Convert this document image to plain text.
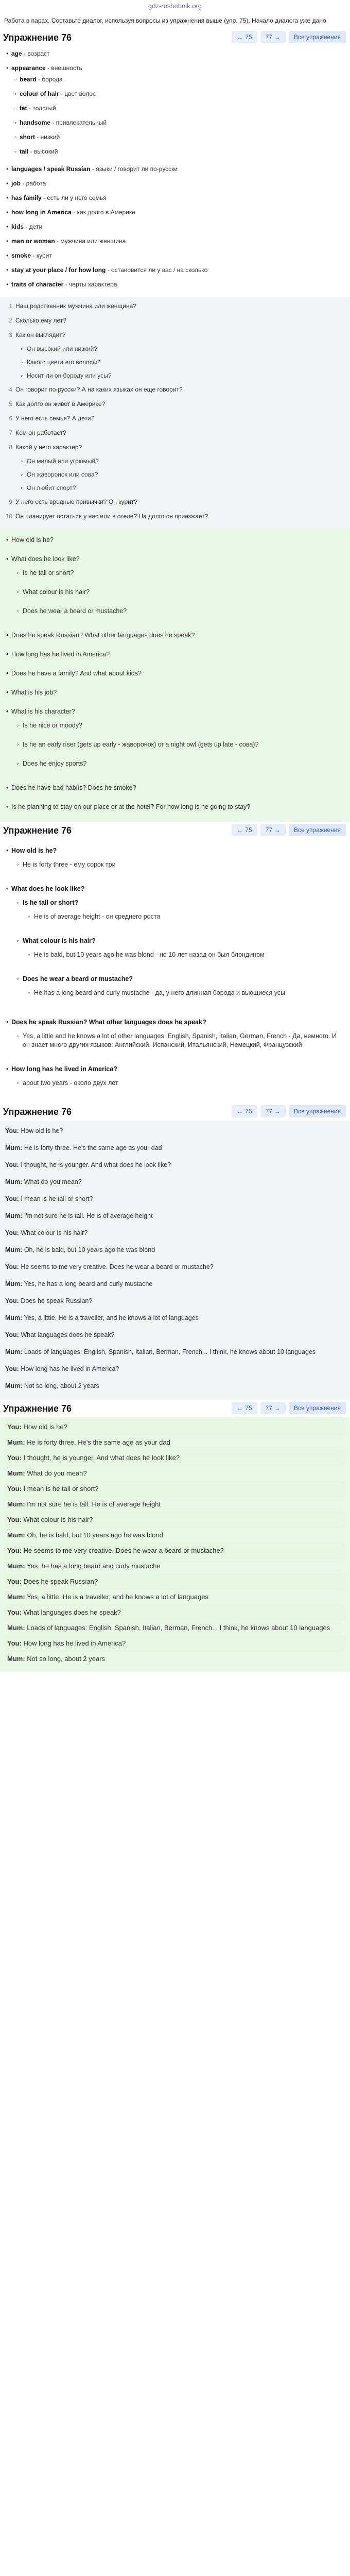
gdz-reshebnik.org
Работа в парах. Составьте диалог, используя вопросы из упражнения выше (упр. 75). Начало диалога уже дано
Упражнение 76	← 75 77 →	Все упражнения
• age - возраст
• appearance - внешность
◦ beard - борода
◦ colour of hair - цвет волос
◦ fat - толстый
◦ handsome - привлекательный
◦ short - низкий
◦ tall - высокий
• languages / speak Russian - языки / говорит ли по-русски
• job - работа
• has family - есть ли у него семья
• how long in America - как долго в Америке
• kids - дети
• man or woman - мужчина или женщина
• smoke - курит
• stay at your place / for how long - остановится ли у вас / на сколько
• traits of character - черты характера
1 Наш родственник мужчина или женщина?
2 Сколько ему лет?
3 Как он выглядит?
◦ Он высокий или низкий?
◦ Какого цвета его волосы?
◦ Носит ли он бороду или усы?
4 Он говорит по-русски? А на каких языках он еще говорит?
5 Как долго он живет в Америке?
6 У него есть семья? А дети?
7 Кем он работает?
8 Какой у него характер?
◦ Он милый или угрюмый?
◦ Он жаворонок или сова?
◦ Он любит спорт?
9 У него есть вредные привычки? Он курит?
10 Он планирует остаться у нас или в отеле? На долго он приезжает?
• How old is he?
• What does he look like?
◦ Is he tall or short?
◦ What colour is his hair?
◦ Does he wear a beard or mustache?
• Does he speak Russian? What other languages does he speak?
• How long has he lived in America?
• Does he have a family? And what about kids?
• What is his job?
• What is his character?
◦ Is he nice or moody?
◦ Is he an early riser (gets up early - жаворонок) or a night owl (gets up late - сова)?
◦ Does he enjoy sports?
• Does he have bad habits? Does he smoke?
• Is he planning to stay on our place or at the hotel? For how long is he going to stay?
Упражнение 76	← 75 77 →	Все упражнения
• How old is he?
◦ He is forty three - ему сорок три
• What does he look like?
◦ Is he tall or short?
◦ He is of average height - он среднего роста
◦ What colour is his hair?
◦ He is bald, but 10 years ago he was blond - но 10 лет назад он был блондином
◦ Does he wear a beard or mustache?
◦ He has a long beard and curly mustache - да, у него длинная борода и вьющиеся усы
• Does he speak Russian? What other languages does he speak?
◦ Yes, a little and he knows a lot of other languages: English, Spanish, Italian, German, French - Да, немного. И он знает много других языков: Английский, Испанский, Итальянский, Немецкий, Французский
• How long has he lived in America?
◦ about two years - около двух лет
Упражнение 76	← 75 77 →	Все упражнения
You: How old is he?
Mum: He is forty three. He's the same age as your dad
You: I thought, he is younger. And what does he look like?
Mum: What do you mean?
You: I mean is he tall or short?
Mum: I'm not sure he is tall. He is of average height
You: What colour is his hair?
Mum: Oh, he is bald, but 10 years ago he was blond
You: He seems to me very creative. Does he wear a beard or mustache?
Mum: Yes, he has a long beard and curly mustache
You: Does he speak Russian?
Mum: Yes, a little. He is a traveller, and he knows a lot of languages
You: What languages does he speak?
Mum: Loads of languages: English, Spanish, Italian, Berman, French... I think, he knows about 10 languages
You: How long has he lived in America?
Mum: Not so long, about 2 years
Упражнение 76	← 75 77 →	Все упражнения
You: How old is he?
Mum: He is forty three. He's the same age as your dad
You: I thought, he is younger. And what does he look like?
Mum: What do you mean?
You: I mean is he tall or short?
Mum: I'm not sure he is tall. He is of average height
You: What colour is his hair?
Mum: Oh, he is bald, but 10 years ago he was blond
You: He seems to me very creative. Does he wear a beard or mustache?
Mum: Yes, he has a long beard and curly mustache
You: Does he speak Russian?
Mum: Yes, a little. He is a traveller, and he knows a lot of languages
You: What languages does he speak?
Mum: Loads of languages: English, Spanish, Italian, Berman, French... I think, he knows about 10 languages
You: How long has he lived in America?
Mum: Not so long, about 2 years
